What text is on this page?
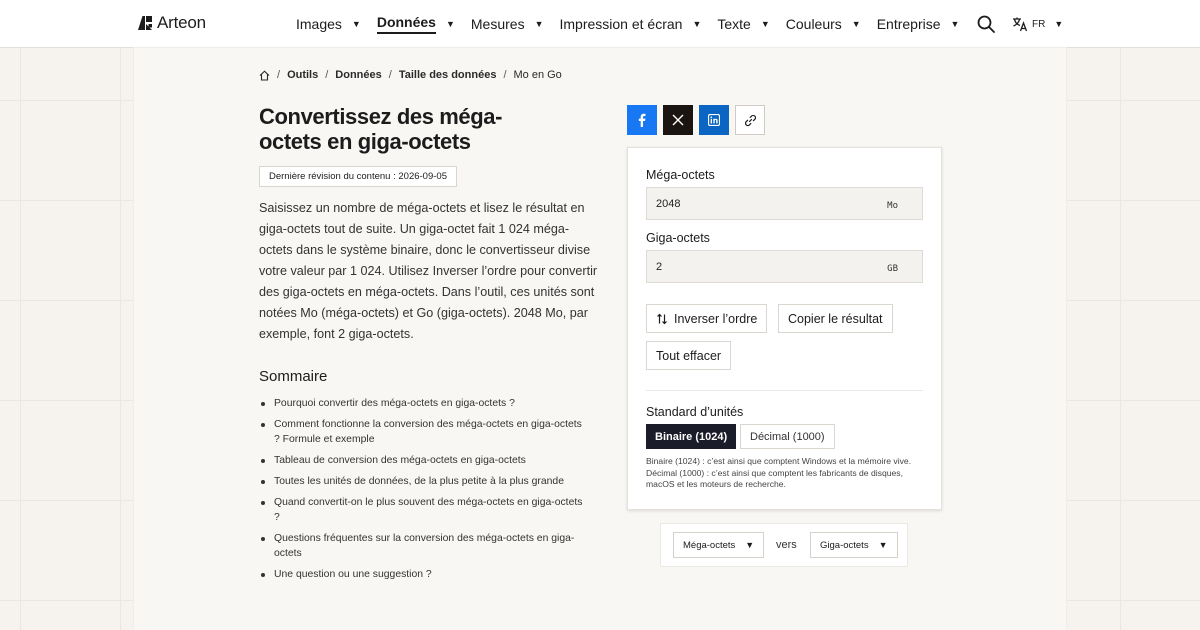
Arteon	Images ▼ Données ▼ Mesures ▼ Impression et écran ▼ Texte ▼ Couleurs ▼ Entreprise ▼	FR ▼
/ Outils / Données / Taille des données / Mo en Go
Convertissez des méga-octets en giga-octets
Dernière révision du contenu : 2026-09-05

Saisissez un nombre de méga-octets et lisez le résultat en giga-octets tout de suite. Un giga-octet fait 1 024 méga-octets dans le système binaire, donc le convertisseur divise votre valeur par 1 024. Utilisez Inverser l’ordre pour convertir des giga-octets en méga-octets. Dans l’outil, ces unités sont notées Mo (méga-octets) et Go (giga-octets). 2048 Mo, par exemple, font 2 giga-octets.

Sommaire
Pourquoi convertir des méga-octets en giga-octets ?
Comment fonctionne la conversion des méga-octets en giga-octets ? Formule et exemple
Tableau de conversion des méga-octets en giga-octets
Toutes les unités de données, de la plus petite à la plus grande
Quand convertit-on le plus souvent des méga-octets en giga-octets ?
Questions fréquentes sur la conversion des méga-octets en giga-octets
Une question ou une suggestion ?
Méga-octets
2048
Mo
Giga-octets
2
GB
Inverser l’ordre	Copier le résultat
Tout effacer
Standard d’unités
Binaire (1024)	Décimal (1000)

Binaire (1024) : c’est ainsi que comptent Windows et la mémoire vive. Décimal (1000) : c’est ainsi que comptent les fabricants de disques, macOS et les moteurs de recherche.

Méga-octets ▼ vers Giga-octets ▼
